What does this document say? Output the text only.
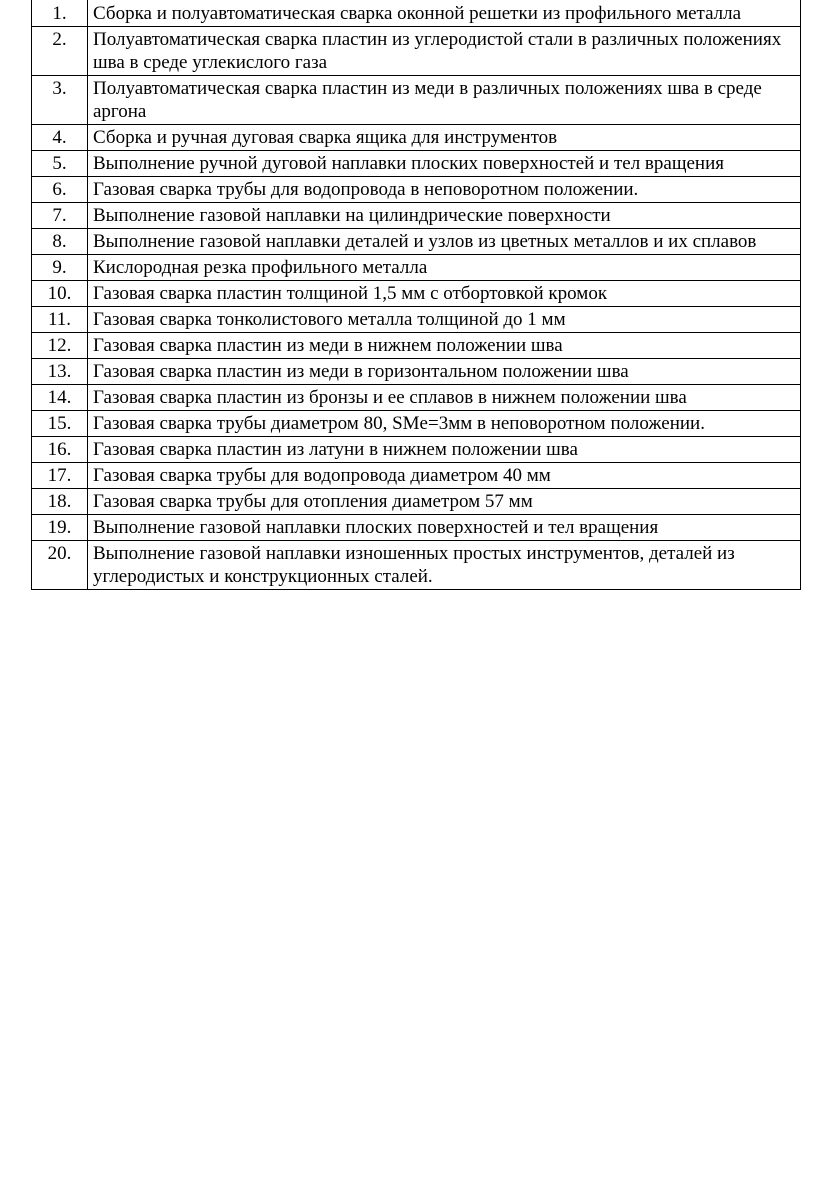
1.	Сборка и полуавтоматическая сварка оконной решетки из профильного металла
2.	Полуавтоматическая сварка пластин из углеродистой стали в различных положениях шва в среде углекислого газа
3.	Полуавтоматическая сварка пластин из меди в различных положениях шва в среде аргона
4.	Сборка и ручная дуговая сварка ящика для инструментов
5.	Выполнение ручной дуговой наплавки плоских поверхностей и тел вращения
6.	Газовая сварка трубы для водопровода в неповоротном положении.
7.	Выполнение газовой наплавки на цилиндрические поверхности
8.	Выполнение газовой наплавки деталей и узлов из цветных металлов и их сплавов
9.	Кислородная резка профильного металла
10.	Газовая сварка пластин толщиной 1,5 мм с отбортовкой кромок
11.	Газовая сварка тонколистового металла толщиной до 1 мм
12.	Газовая сварка пластин из меди в нижнем положении шва
13.	Газовая сварка пластин из меди в горизонтальном положении шва
14.	Газовая сварка пластин из бронзы и ее сплавов в нижнем положении шва
15.	Газовая сварка трубы диаметром 80, SMe=3мм в неповоротном положении.
16.	Газовая сварка пластин из латуни в нижнем положении шва
17.	Газовая сварка трубы для водопровода диаметром 40 мм
18.	Газовая сварка трубы для отопления диаметром 57 мм
19.	Выполнение газовой наплавки плоских поверхностей и тел вращения
20.	Выполнение газовой наплавки изношенных простых инструментов, деталей из углеродистых и конструкционных сталей.
